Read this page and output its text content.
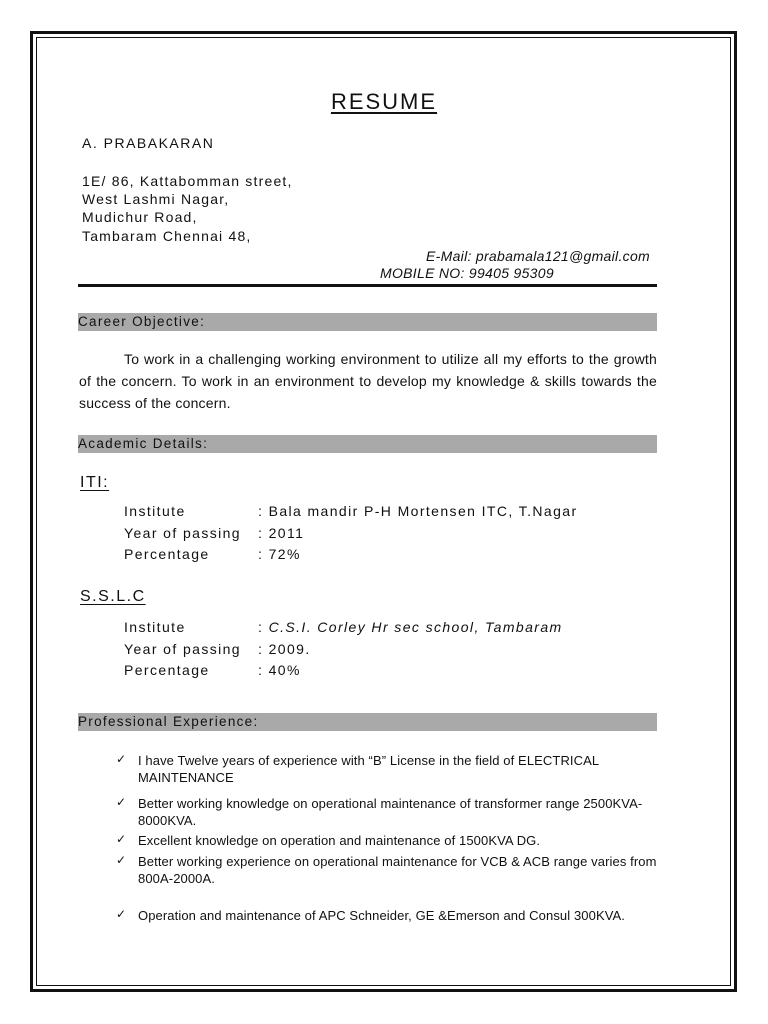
RESUME
A. PRABAKARAN
1E/ 86, Kattabomman street,
West Lashmi Nagar,
Mudichur Road,
Tambaram Chennai 48,
E-Mail: prabamala121@gmail.com
MOBILE NO: 99405 95309
Career Objective:
To work in a challenging working environment to utilize all my efforts to the growth of the concern. To work in an environment to develop my knowledge & skills towards the success of the concern.
Academic Details:
ITI:
Institute	: Bala mandir P-H Mortensen ITC, T.Nagar
Year of passing : 2011
Percentage	: 72%
S.S.L.C
Institute	: C.S.I. Corley Hr sec school, Tambaram
Year of passing : 2009.
Percentage	: 40%
Professional Experience:
✓ I have Twelve years of experience with “B” License in the field of ELECTRICAL MAINTENANCE
✓ Better working knowledge on operational maintenance of transformer range 2500KVA-8000KVA.
✓ Excellent knowledge on operation and maintenance of 1500KVA DG.
✓ Better working experience on operational maintenance for VCB & ACB range varies from 800A-2000A.
✓ Operation and maintenance of APC Schneider, GE &Emerson and Consul 300KVA.
